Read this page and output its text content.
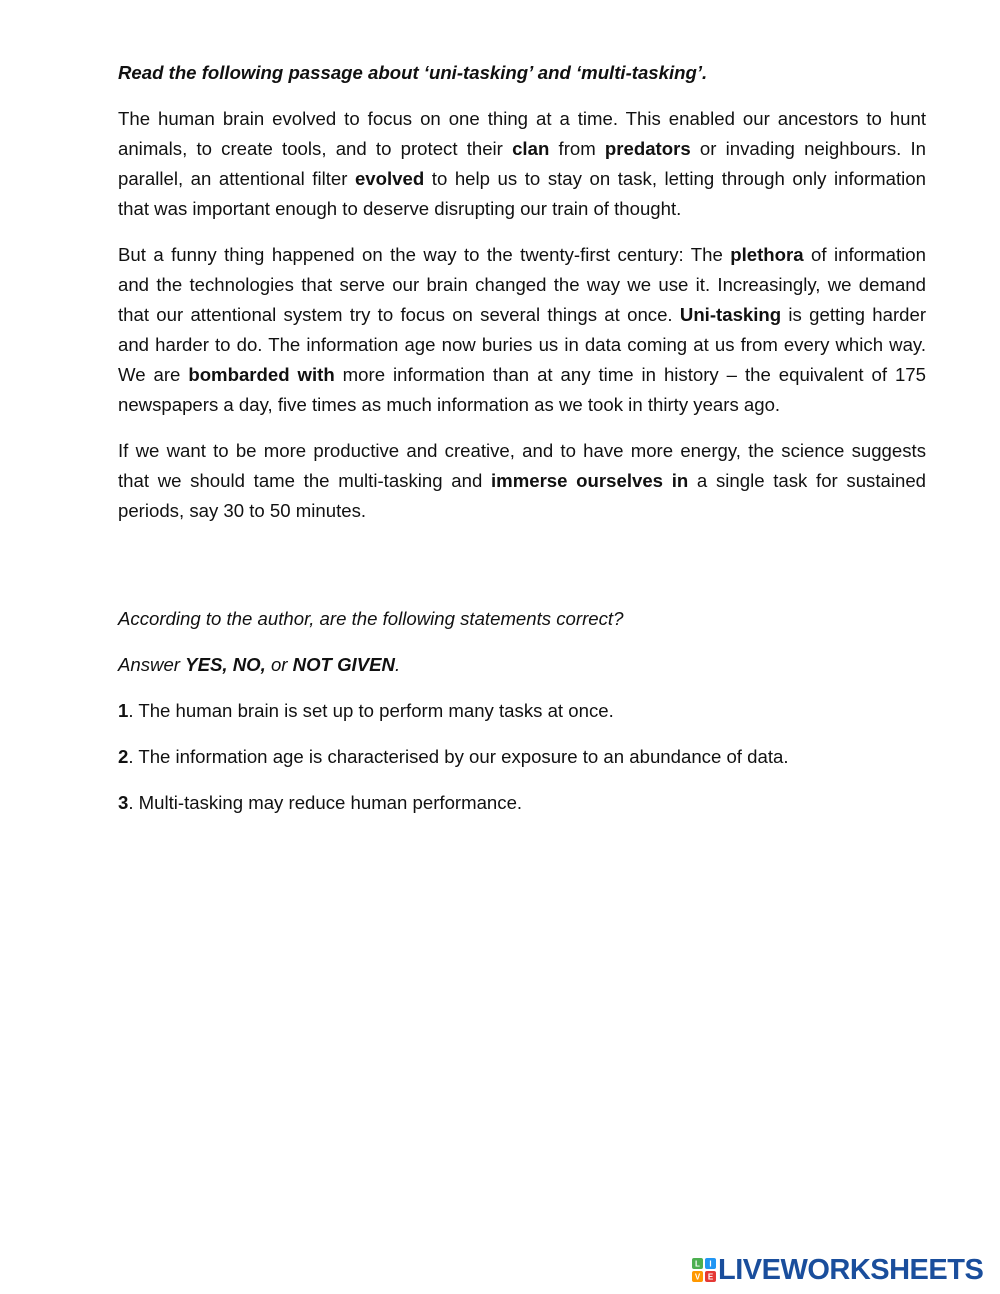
Read the following passage about ‘uni-tasking’ and ‘multi-tasking’.

The human brain evolved to focus on one thing at a time. This enabled our ancestors to hunt animals, to create tools, and to protect their clan from predators or invading neighbours. In parallel, an attentional filter evolved to help us to stay on task, letting through only information that was important enough to deserve disrupting our train of thought.

But a funny thing happened on the way to the twenty-first century: The plethora of information and the technologies that serve our brain changed the way we use it. Increasingly, we demand that our attentional system try to focus on several things at once. Uni-tasking is getting harder and harder to do. The information age now buries us in data coming at us from every which way. We are bombarded with more information than at any time in history – the equivalent of 175 newspapers a day, five times as much information as we took in thirty years ago.

If we want to be more productive and creative, and to have more energy, the science suggests that we should tame the multi-tasking and immerse ourselves in a single task for sustained periods, say 30 to 50 minutes.

According to the author, are the following statements correct?

Answer YES, NO, or NOT GIVEN.

1. The human brain is set up to perform many tasks at once.

2. The information age is characterised by our exposure to an abundance of data.

3. Multi-tasking may reduce human performance.

L I
V E LIVEWORKSHEETS
